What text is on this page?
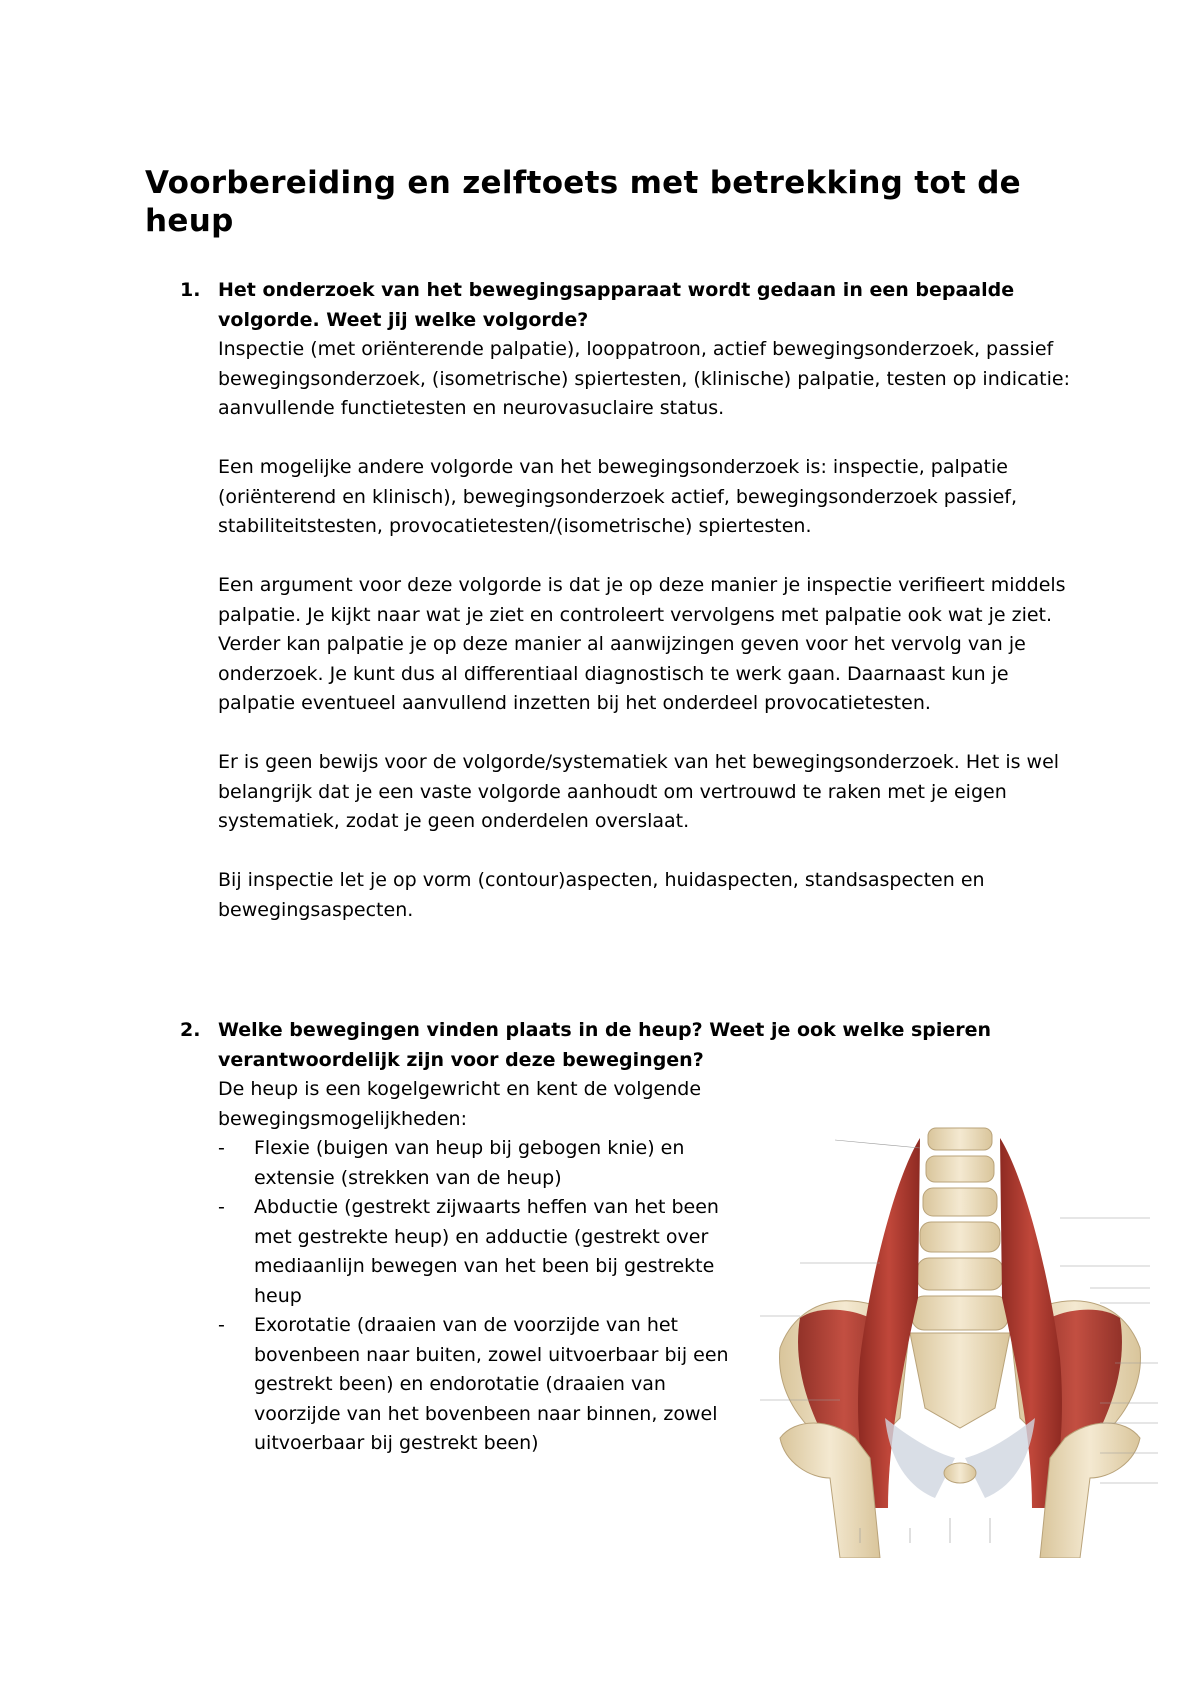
Voorbereiding en zelftoets met betrekking tot de heup
1. Het onderzoek van het bewegingsapparaat wordt gedaan in een bepaalde volgorde. Weet jij welke volgorde?

Inspectie (met oriënterende palpatie), looppatroon, actief bewegingsonderzoek, passief bewegingsonderzoek, (isometrische) spiertesten, (klinische) palpatie, testen op indicatie: aanvullende functietesten en neurovasuclaire status.

Een mogelijke andere volgorde van het bewegingsonderzoek is: inspectie, palpatie (oriënterend en klinisch), bewegingsonderzoek actief, bewegingsonderzoek passief, stabiliteitstesten, provocatietesten/(isometrische) spiertesten.

Een argument voor deze volgorde is dat je op deze manier je inspectie verifieert middels palpatie. Je kijkt naar wat je ziet en controleert vervolgens met palpatie ook wat je ziet. Verder kan palpatie je op deze manier al aanwijzingen geven voor het vervolg van je onderzoek. Je kunt dus al differentiaal diagnostisch te werk gaan. Daarnaast kun je palpatie eventueel aanvullend inzetten bij het onderdeel provocatietesten.

Er is geen bewijs voor de volgorde/systematiek van het bewegingsonderzoek. Het is wel belangrijk dat je een vaste volgorde aanhoudt om vertrouwd te raken met je eigen systematiek, zodat je geen onderdelen overslaat.

Bij inspectie let je op vorm (contour)aspecten, huidaspecten, standsaspecten en bewegingsaspecten.

2. Welke bewegingen vinden plaats in de heup? Weet je ook welke spieren verantwoordelijk zijn voor deze bewegingen?

De heup is een kogelgewricht en kent de volgende bewegingsmogelijkheden:

- Flexie (buigen van heup bij gebogen knie) en extensie (strekken van de heup)
- Abductie (gestrekt zijwaarts heffen van het been met gestrekte heup) en adductie (gestrekt over mediaanlijn bewegen van het been bij gestrekte heup
- Exorotatie (draaien van de voorzijde van het bovenbeen naar buiten, zowel uitvoerbaar bij een gestrekt been) en endorotatie (draaien van voorzijde van het bovenbeen naar binnen, zowel uitvoerbaar bij gestrekt been)
